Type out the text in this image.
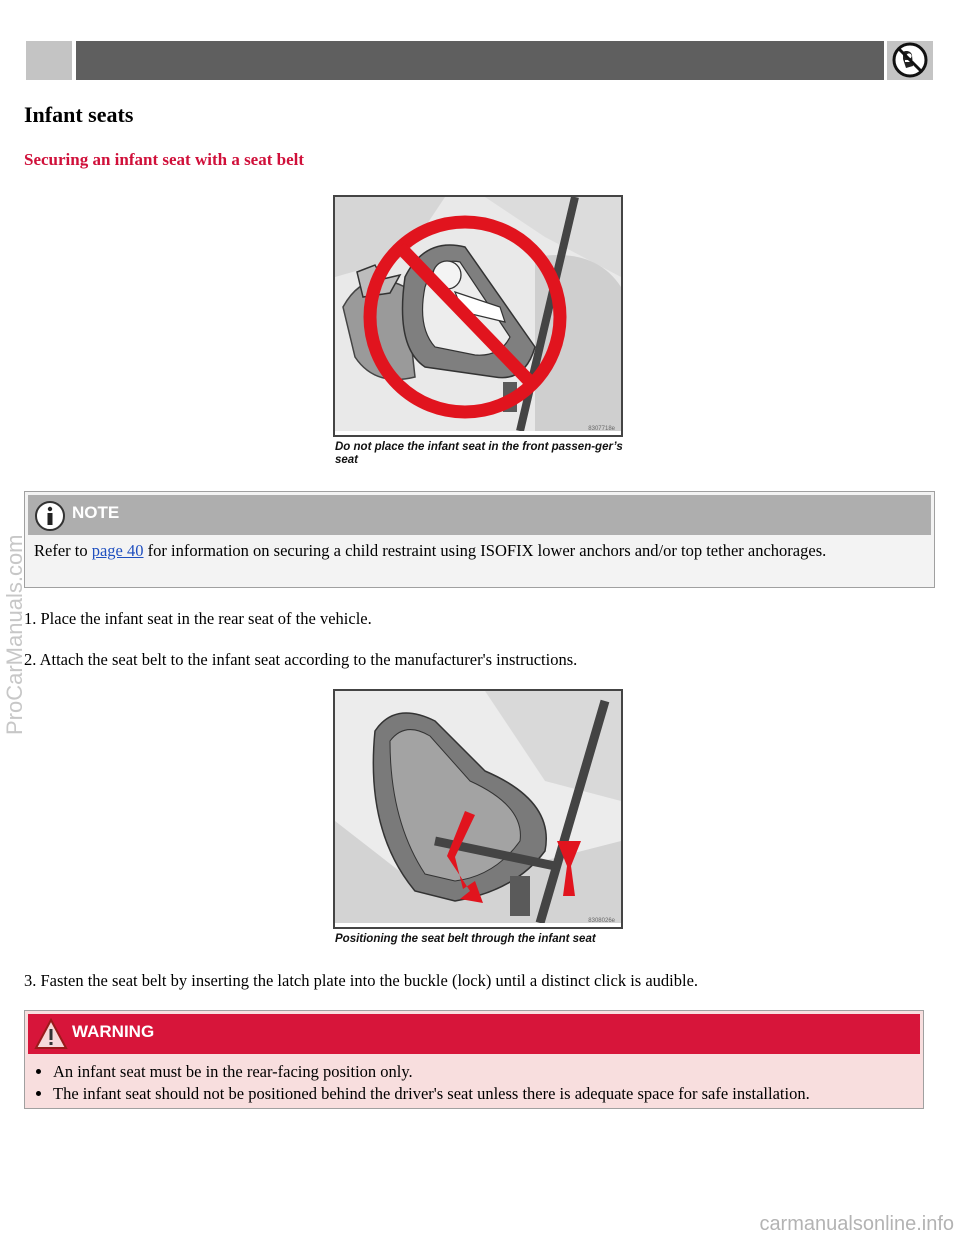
Infant seats
Securing an infant seat with a seat belt
8307718e
Do not place the infant seat in the front passen-ger’s seat
NOTE
Refer to page 40 for information on securing a child restraint using ISOFIX lower anchors and/or top tether anchorages.
1. Place the infant seat in the rear seat of the vehicle.
2. Attach the seat belt to the infant seat according to the manufacturer's instructions.
8308026e
Positioning the seat belt through the infant seat
3. Fasten the seat belt by inserting the latch plate into the buckle (lock) until a distinct click is audible.
WARNING
• An infant seat must be in the rear-facing position only.
• The infant seat should not be positioned behind the driver's seat unless there is adequate space for safe installation.
ProCarManuals.com
carmanualsonline.info
